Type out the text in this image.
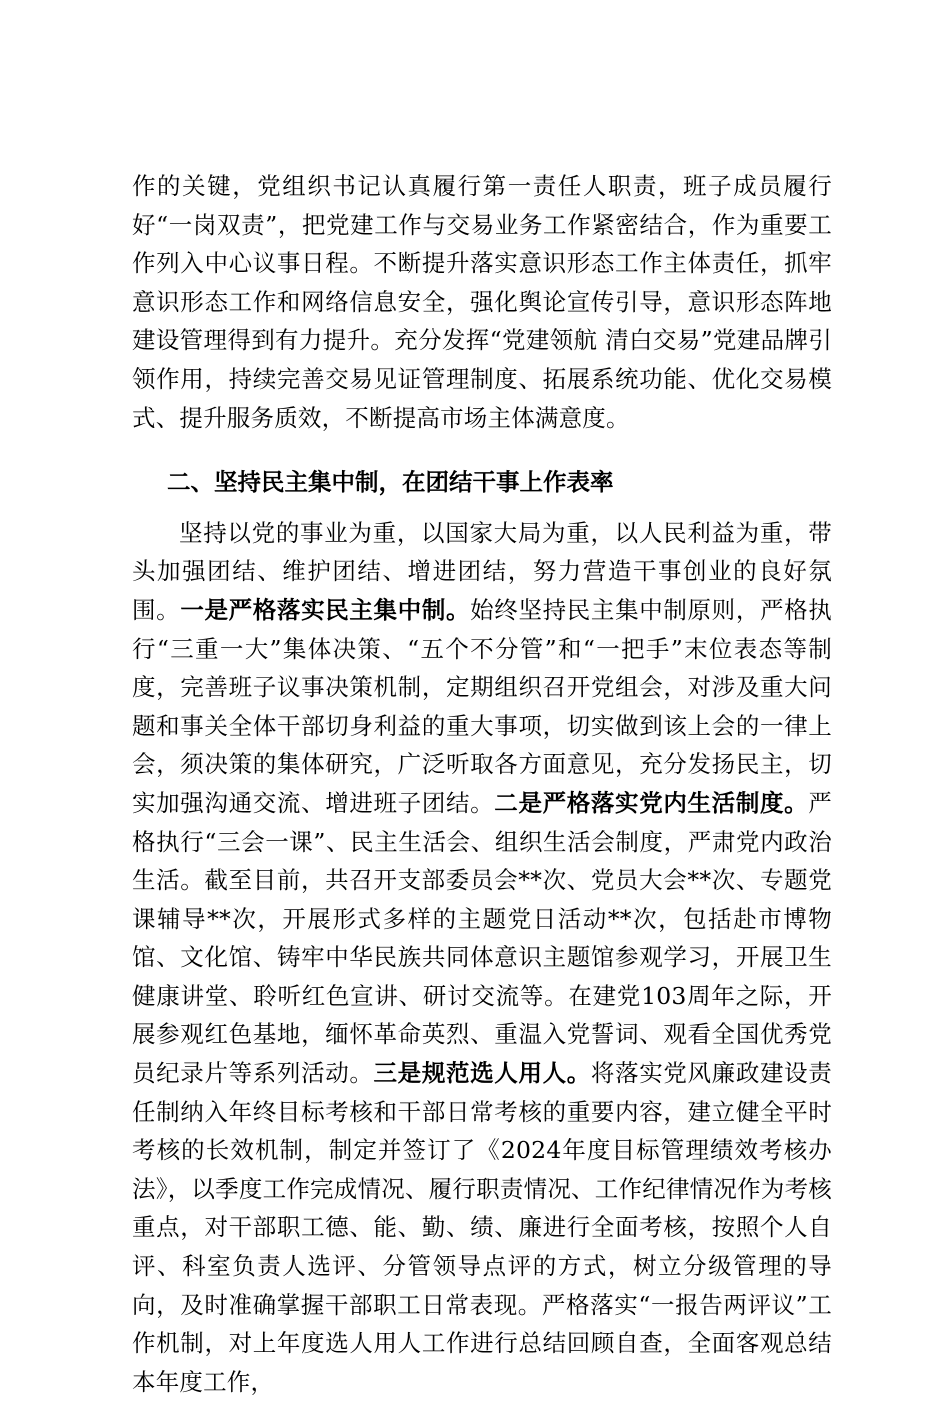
作的关键，党组织书记认真履行第一责任人职责，班子成员履行好“一岗双责”，把党建工作与交易业务工作紧密结合，作为重要工作列入中心议事日程。不断提升落实意识形态工作主体责任，抓牢意识形态工作和网络信息安全，强化舆论宣传引导，意识形态阵地建设管理得到有力提升。充分发挥“党建领航 清白交易”党建品牌引领作用，持续完善交易见证管理制度、拓展系统功能、优化交易模式、提升服务质效，不断提高市场主体满意度。

二、坚持民主集中制，在团结干事上作表率

坚持以党的事业为重，以国家大局为重，以人民利益为重，带头加强团结、维护团结、增进团结，努力营造干事创业的良好氛围。一是严格落实民主集中制。始终坚持民主集中制原则，严格执行“三重一大”集体决策、“五个不分管”和“一把手”末位表态等制度，完善班子议事决策机制，定期组织召开党组会，对涉及重大问题和事关全体干部切身利益的重大事项，切实做到该上会的一律上会，须决策的集体研究，广泛听取各方面意见，充分发扬民主，切实加强沟通交流、增进班子团结。二是严格落实党内生活制度。严格执行“三会一课”、民主生活会、组织生活会制度，严肃党内政治生活。截至目前，共召开支部委员会**次、党员大会**次、专题党课辅导**次，开展形式多样的主题党日活动**次，包括赴市博物馆、文化馆、铸牢中华民族共同体意识主题馆参观学习，开展卫生健康讲堂、聆听红色宣讲、研讨交流等。在建党103周年之际，开展参观红色基地，缅怀革命英烈、重温入党誓词、观看全国优秀党员纪录片等系列活动。三是规范选人用人。将落实党风廉政建设责任制纳入年终目标考核和干部日常考核的重要内容，建立健全平时考核的长效机制，制定并签订了《2024年度目标管理绩效考核办法》，以季度工作完成情况、履行职责情况、工作纪律情况作为考核重点，对干部职工德、能、勤、绩、廉进行全面考核，按照个人自评、科室负责人选评、分管领导点评的方式，树立分级管理的导向，及时准确掌握干部职工日常表现。严格落实“一报告两评议”工作机制，对上年度选人用人工作进行总结回顾自查，全面客观总结本年度工作，
